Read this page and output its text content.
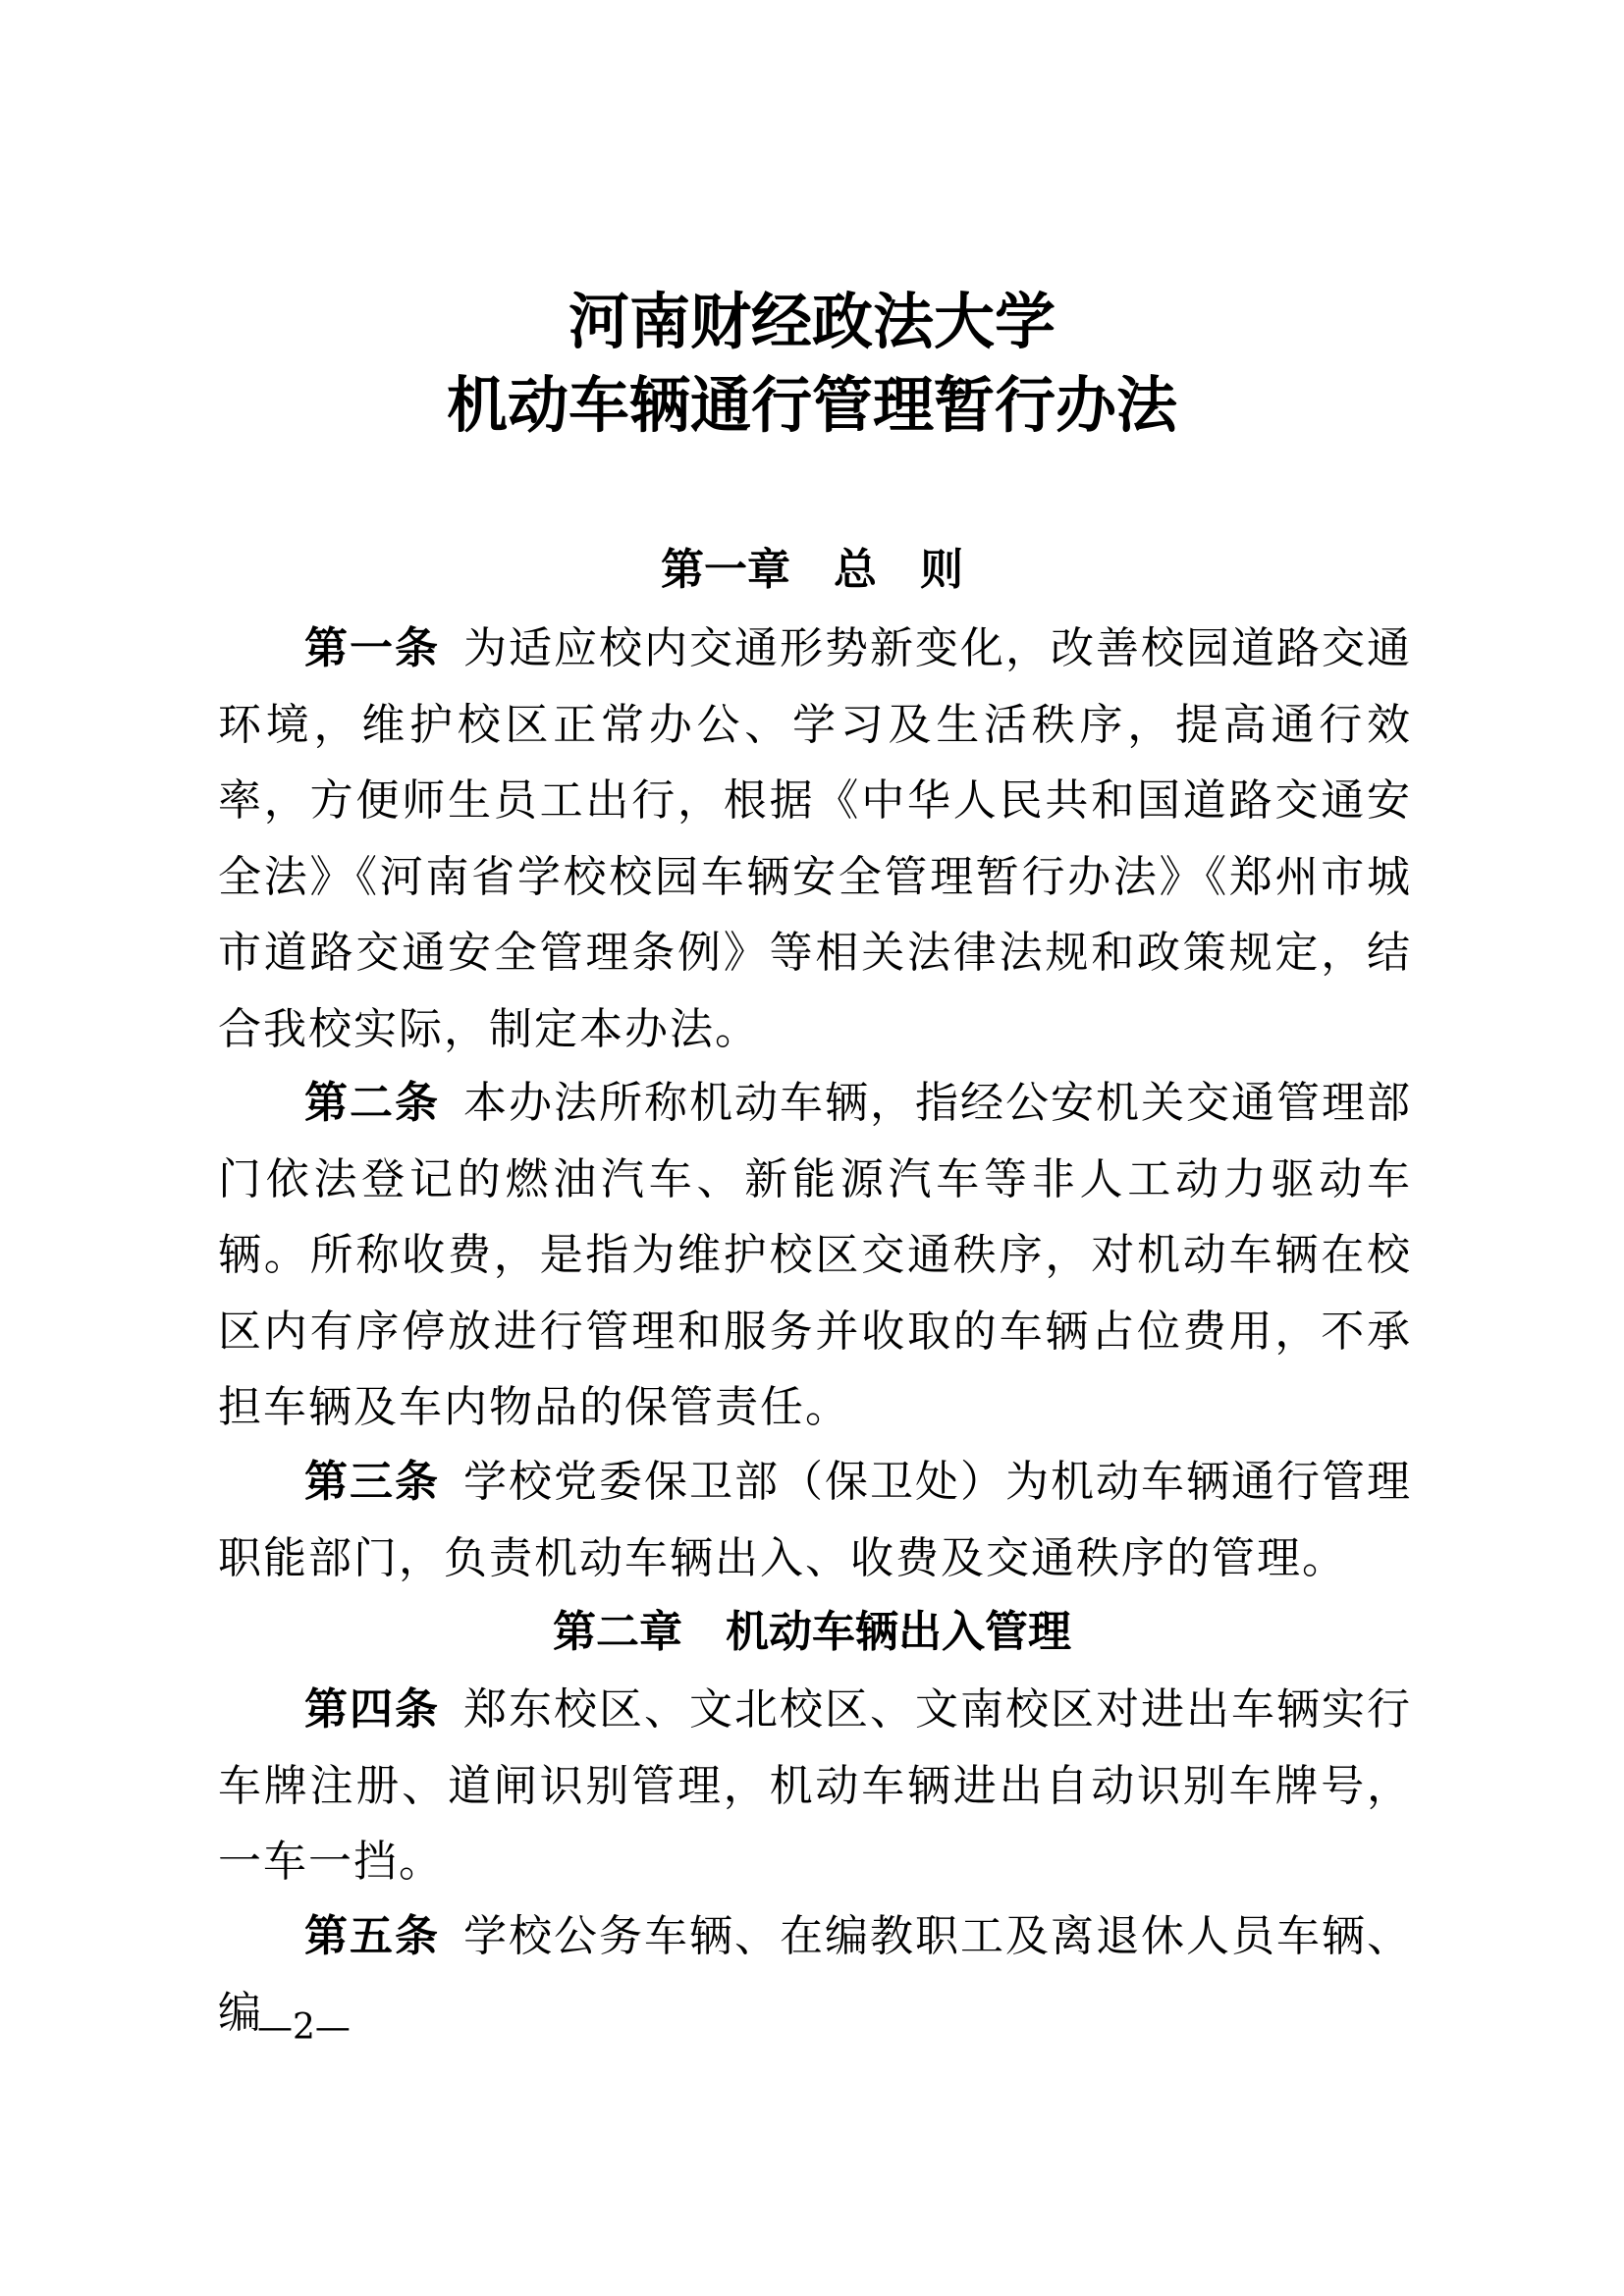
河南财经政法大学
机动车辆通行管理暂行办法
第一章　总　则

第一条 为适应校内交通形势新变化，改善校园道路交通环境，维护校区正常办公、学习及生活秩序，提高通行效率，方便师生员工出行，根据《中华人民共和国道路交通安全法》《河南省学校校园车辆安全管理暂行办法》《郑州市城市道路交通安全管理条例》等相关法律法规和政策规定，结合我校实际，制定本办法。

第二条 本办法所称机动车辆，指经公安机关交通管理部门依法登记的燃油汽车、新能源汽车等非人工动力驱动车辆。所称收费，是指为维护校区交通秩序，对机动车辆在校区内有序停放进行管理和服务并收取的车辆占位费用，不承担车辆及车内物品的保管责任。

第三条 学校党委保卫部（保卫处）为机动车辆通行管理职能部门，负责机动车辆出入、收费及交通秩序的管理。

第二章　机动车辆出入管理

第四条 郑东校区、文北校区、文南校区对进出车辆实行车牌注册、道闸识别管理，机动车辆进出自动识别车牌号，一车一挡。

第五条 学校公务车辆、在编教职工及离退休人员车辆、编

—2—
